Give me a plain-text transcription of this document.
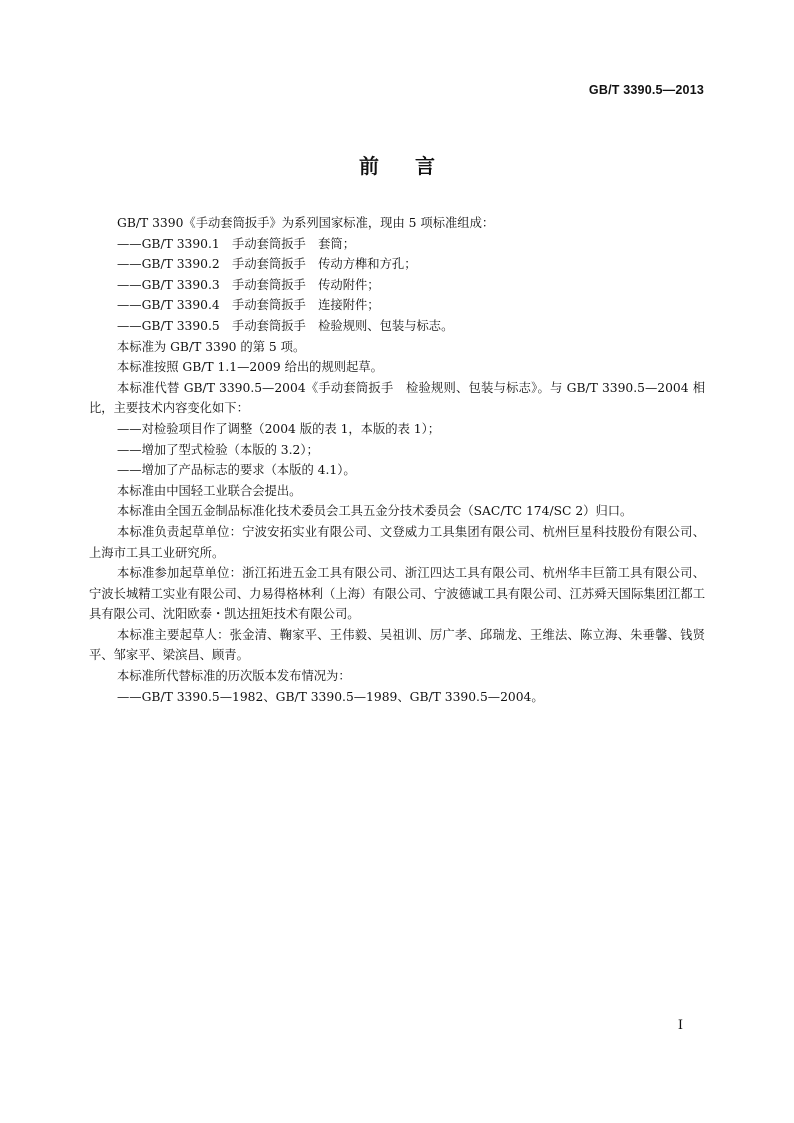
GB/T 3390.5—2013
前言

GB/T 3390《手动套筒扳手》为系列国家标准，现由 5 项标准组成：

——GB/T 3390.1　手动套筒扳手　套筒；

——GB/T 3390.2　手动套筒扳手　传动方榫和方孔；

——GB/T 3390.3　手动套筒扳手　传动附件；

——GB/T 3390.4　手动套筒扳手　连接附件；

——GB/T 3390.5　手动套筒扳手　检验规则、包装与标志。

本标准为 GB/T 3390 的第 5 项。

本标准按照 GB/T 1.1—2009 给出的规则起草。

本标准代替 GB/T 3390.5—2004《手动套筒扳手　检验规则、包装与标志》。与 GB/T 3390.5—2004 相比，主要技术内容变化如下：

——对检验项目作了调整（2004 版的表 1，本版的表 1）；

——增加了型式检验（本版的 3.2）；

——增加了产品标志的要求（本版的 4.1）。

本标准由中国轻工业联合会提出。

本标准由全国五金制品标准化技术委员会工具五金分技术委员会（SAC/TC 174/SC 2）归口。

本标准负责起草单位：宁波安拓实业有限公司、文登威力工具集团有限公司、杭州巨星科技股份有限公司、上海市工具工业研究所。

本标准参加起草单位：浙江拓进五金工具有限公司、浙江四达工具有限公司、杭州华丰巨箭工具有限公司、宁波长城精工实业有限公司、力易得格林利（上海）有限公司、宁波德诚工具有限公司、江苏舜天国际集团江都工具有限公司、沈阳欧泰・凯达扭矩技术有限公司。

本标准主要起草人：张金清、鞠家平、王伟毅、吴祖训、厉广孝、邱瑞龙、王维法、陈立海、朱垂馨、钱贤平、邹家平、梁滨昌、顾青。

本标准所代替标准的历次版本发布情况为：

——GB/T 3390.5—1982、GB/T 3390.5—1989、GB/T 3390.5—2004。

I
